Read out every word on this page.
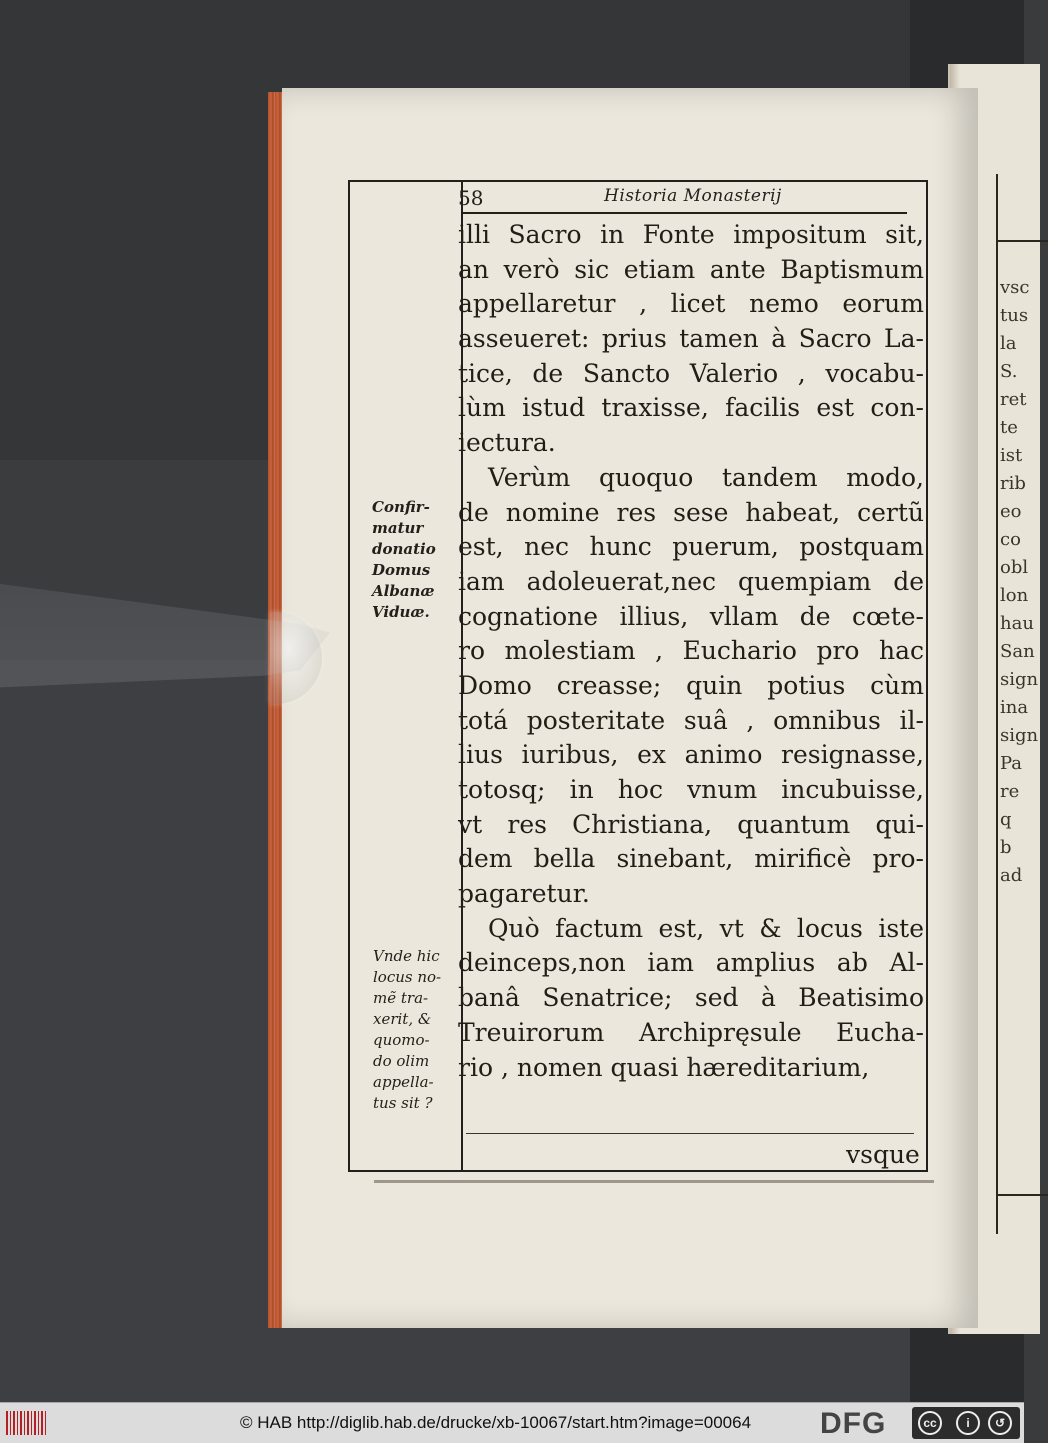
vsc
tus
la
S.
ret
te
ist
rib
eo
co
obl
lon
hau
San
sign
ina
sign
Pa
re
q
b
ad
58	Historia Monasterij
illi Sacro in Fonte impositum sit,
an verò sic etiam ante Baptismum
appellaretur , licet nemo eorum
asseueret: prius tamen à Sacro La-
tice, de Sancto Valerio , vocabu-
lùm istud traxisse, facilis est con-
iectura.
Verùm quoquo tandem modo,
de nomine res sese habeat, certũ
est, nec hunc puerum, postquam
iam adoleuerat,nec quempiam de
cognatione illius, vllam de cœte-
ro molestiam , Euchario pro hac
Domo creasse; quin potius cùm
totá posteritate suâ , omnibus il-
lius iuribus, ex animo resignasse,
totosq; in hoc vnum incubuisse,
vt res Christiana, quantum qui-
dem bella sinebant, mirificè pro-
pagaretur.
Quò factum est, vt & locus iste
deinceps,non iam amplius ab Al-
banâ Senatrice; sed à Beatisimo
Treuirorum Archipręsule Eucha-
rio , nomen quasi hæreditarium,
Confir-
matur
donatio
Domus
Albanæ
Viduæ.
Vnde hic
locus no-
mẽ tra-
xerit, &
quomo-
do olim
appella-
tus sit ?
vsque
© HAB http://diglib.hab.de/drucke/xb-10067/start.htm?image=00064 DFG	cc	i	↺
